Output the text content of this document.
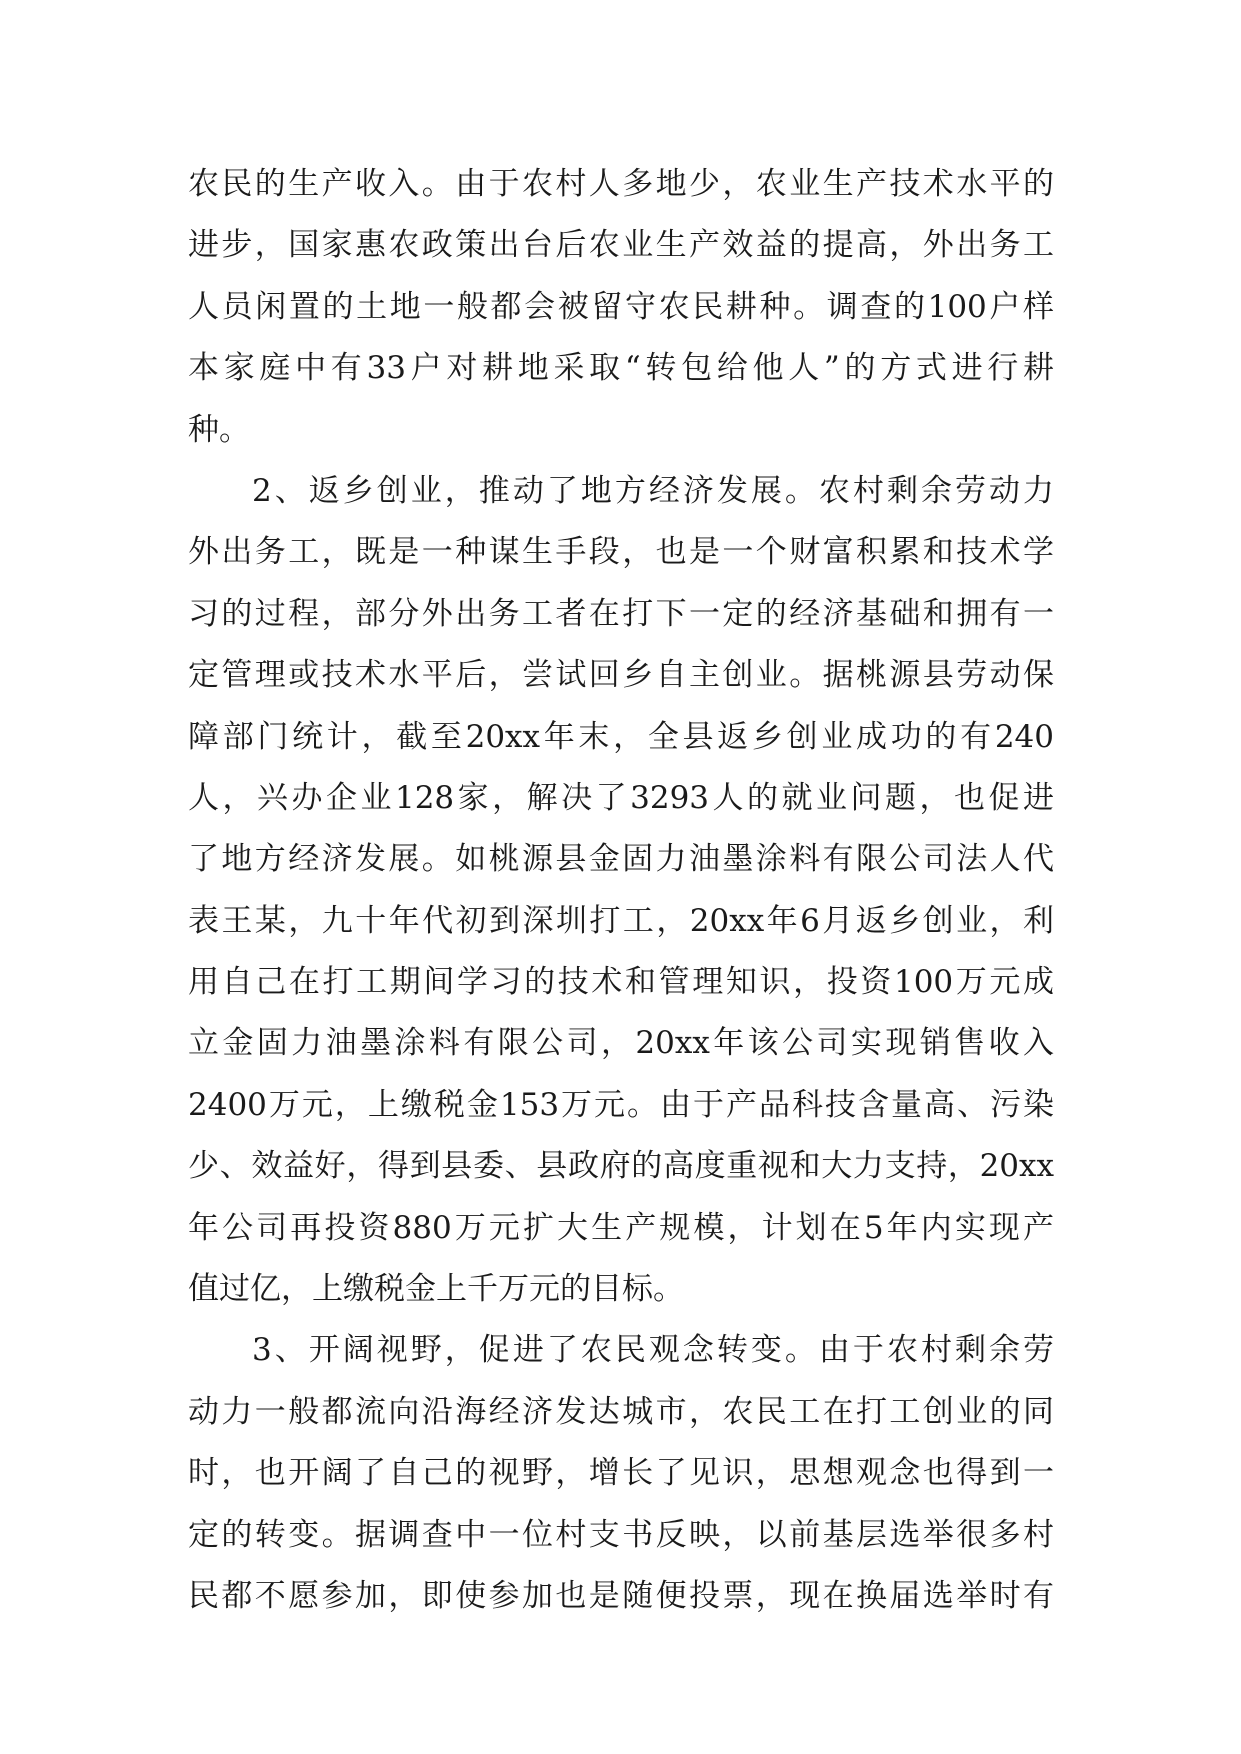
农民的生产收入。由于农村人多地少，农业生产技术水平的
进步，国家惠农政策出台后农业生产效益的提高，外出务工
人员闲置的土地一般都会被留守农民耕种。调查的100户样
本家庭中有33户对耕地采取“转包给他人”的方式进行耕
种。
2、返乡创业，推动了地方经济发展。农村剩余劳动力
外出务工，既是一种谋生手段，也是一个财富积累和技术学
习的过程，部分外出务工者在打下一定的经济基础和拥有一
定管理或技术水平后，尝试回乡自主创业。据桃源县劳动保
障部门统计，截至20xx年末，全县返乡创业成功的有240
人，兴办企业128家，解决了3293人的就业问题，也促进
了地方经济发展。如桃源县金固力油墨涂料有限公司法人代
表王某，九十年代初到深圳打工，20xx年6月返乡创业，利
用自己在打工期间学习的技术和管理知识，投资100万元成
立金固力油墨涂料有限公司，20xx年该公司实现销售收入
2400万元，上缴税金153万元。由于产品科技含量高、污染
少、效益好，得到县委、县政府的高度重视和大力支持，20xx
年公司再投资880万元扩大生产规模，计划在5年内实现产
值过亿，上缴税金上千万元的目标。
3、开阔视野，促进了农民观念转变。由于农村剩余劳
动力一般都流向沿海经济发达城市，农民工在打工创业的同
时，也开阔了自己的视野，增长了见识，思想观念也得到一
定的转变。据调查中一位村支书反映，以前基层选举很多村
民都不愿参加，即使参加也是随便投票，现在换届选举时有
